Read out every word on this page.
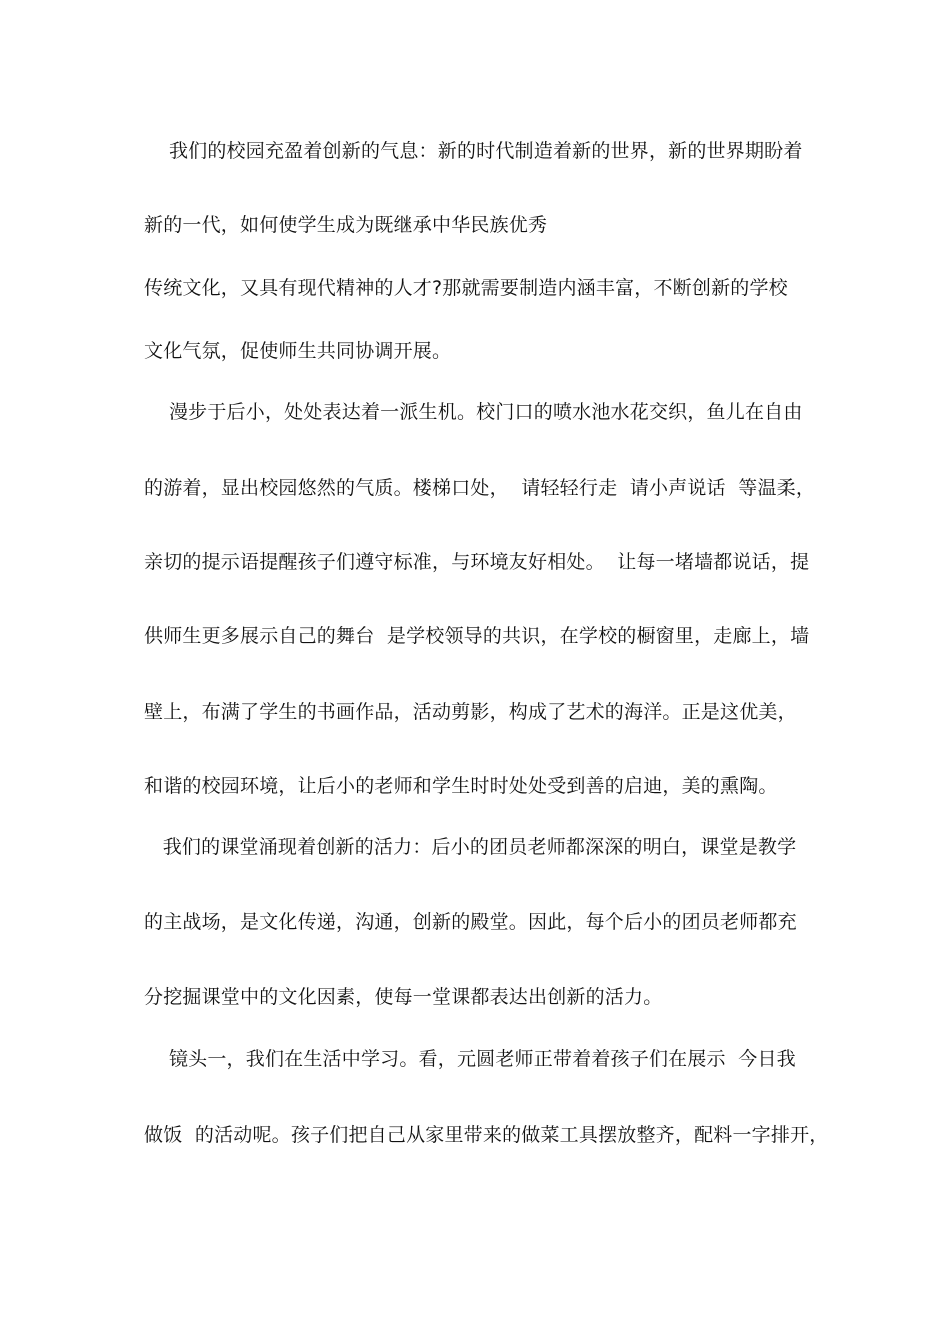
我们的校园充盈着创新的气息：新的时代制造着新的世界，新的世界期盼着
新的一代，如何使学生成为既继承中华民族优秀
传统文化，又具有现代精神的人才?那就需要制造内涵丰富，不断创新的学校
文化气氛，促使师生共同协调开展。
漫步于后小，处处表达着一派生机。校门口的喷水池水花交织，鱼儿在自由
的游着，显出校园悠然的气质。楼梯口处，  请轻轻行走  请小声说话  等温柔，
亲切的提示语提醒孩子们遵守标准，与环境友好相处。  让每一堵墙都说话，提
供师生更多展示自己的舞台  是学校领导的共识，在学校的橱窗里，走廊上，墙
壁上，布满了学生的书画作品，活动剪影，构成了艺术的海洋。正是这优美，
和谐的校园环境，让后小的老师和学生时时处处受到善的启迪，美的熏陶。
我们的课堂涌现着创新的活力：后小的团员老师都深深的明白，课堂是教学
的主战场，是文化传递，沟通，创新的殿堂。因此，每个后小的团员老师都充
分挖掘课堂中的文化因素，使每一堂课都表达出创新的活力。
镜头一，我们在生活中学习。看，元圆老师正带着着孩子们在展示  今日我
做饭  的活动呢。孩子们把自己从家里带来的做菜工具摆放整齐，配料一字排开，
